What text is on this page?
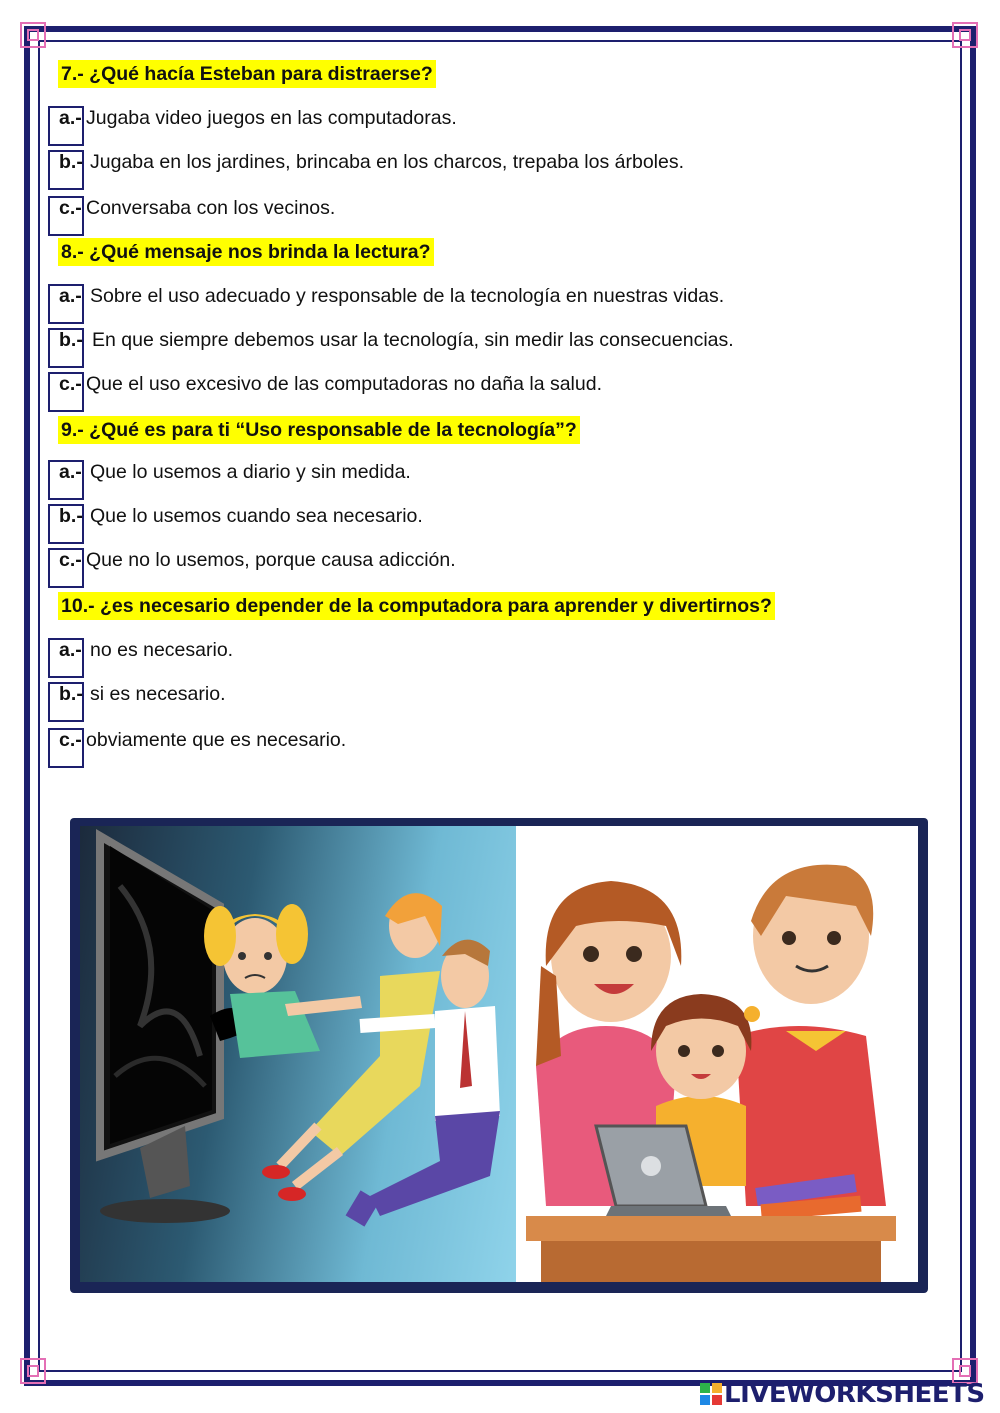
7.- ¿Qué hacía Esteban para distraerse?
a.- Jugaba video juegos en las computadoras.
b.- Jugaba en los jardines, brincaba en los charcos, trepaba los árboles.
c.- Conversaba con los vecinos.
8.- ¿Qué mensaje nos brinda la lectura?
a.- Sobre el uso adecuado y responsable de la tecnología en nuestras vidas.
b.- En que siempre debemos usar la tecnología, sin medir las consecuencias.
c.- Que el uso excesivo de las computadoras no daña la salud.
9.- ¿Qué es para ti “Uso responsable de la tecnología”?
a.- Que lo usemos a diario y sin medida.
b.- Que lo usemos cuando sea necesario.
c.- Que no lo usemos, porque causa adicción.
10.- ¿es necesario depender de la computadora para aprender y divertirnos?
a.- no es necesario.
b.- si es necesario.
c.- obviamente que es necesario.
LIVEWORKSHEETS
